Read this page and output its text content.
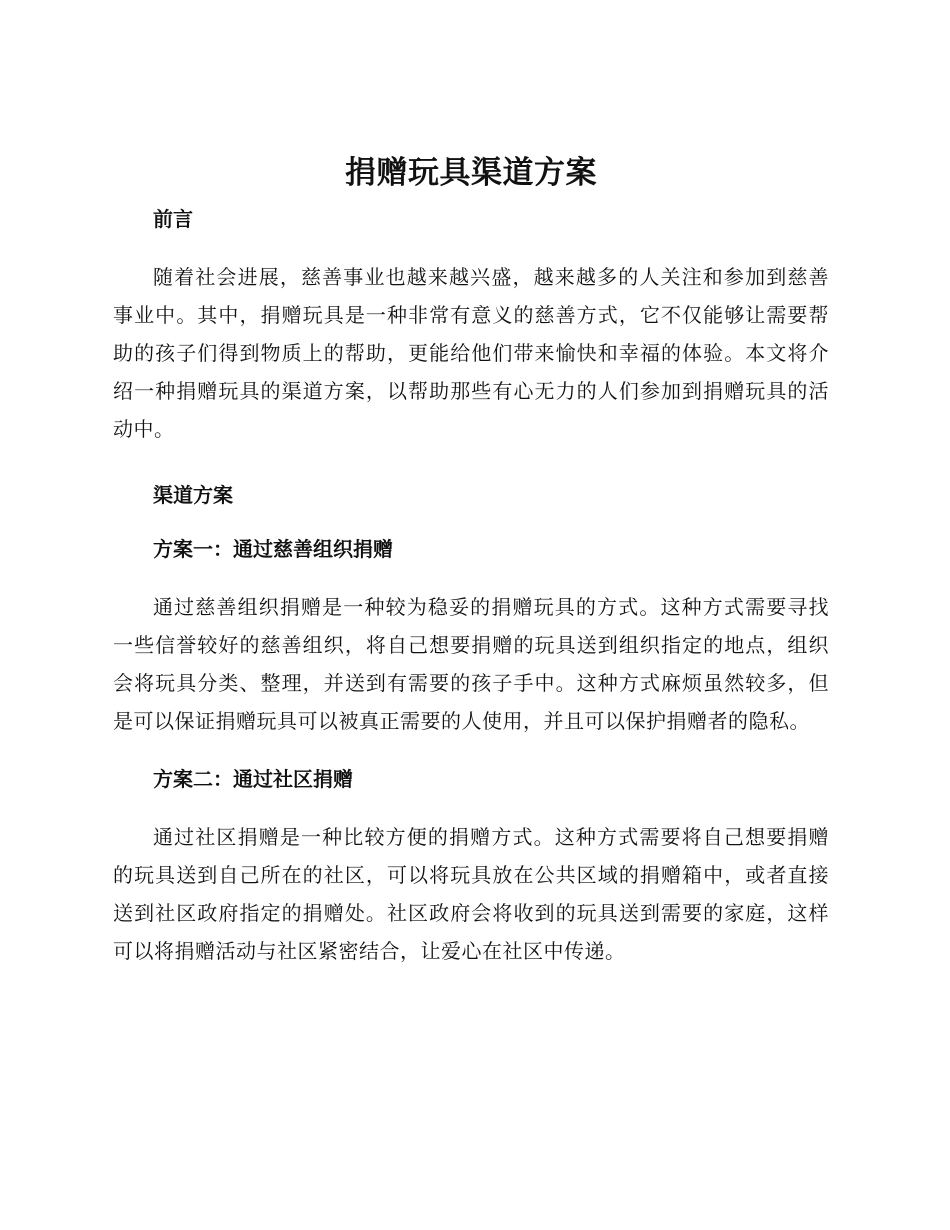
捐赠玩具渠道方案
前言

随着社会进展，慈善事业也越来越兴盛，越来越多的人关注和参加到慈善事业中。其中，捐赠玩具是一种非常有意义的慈善方式，它不仅能够让需要帮助的孩子们得到物质上的帮助，更能给他们带来愉快和幸福的体验。本文将介绍一种捐赠玩具的渠道方案，以帮助那些有心无力的人们参加到捐赠玩具的活动中。

渠道方案
方案一：通过慈善组织捐赠

通过慈善组织捐赠是一种较为稳妥的捐赠玩具的方式。这种方式需要寻找一些信誉较好的慈善组织，将自己想要捐赠的玩具送到组织指定的地点，组织会将玩具分类、整理，并送到有需要的孩子手中。这种方式麻烦虽然较多，但是可以保证捐赠玩具可以被真正需要的人使用，并且可以保护捐赠者的隐私。

方案二：通过社区捐赠

通过社区捐赠是一种比较方便的捐赠方式。这种方式需要将自己想要捐赠的玩具送到自己所在的社区，可以将玩具放在公共区域的捐赠箱中，或者直接送到社区政府指定的捐赠处。社区政府会将收到的玩具送到需要的家庭，这样可以将捐赠活动与社区紧密结合，让爱心在社区中传递。
